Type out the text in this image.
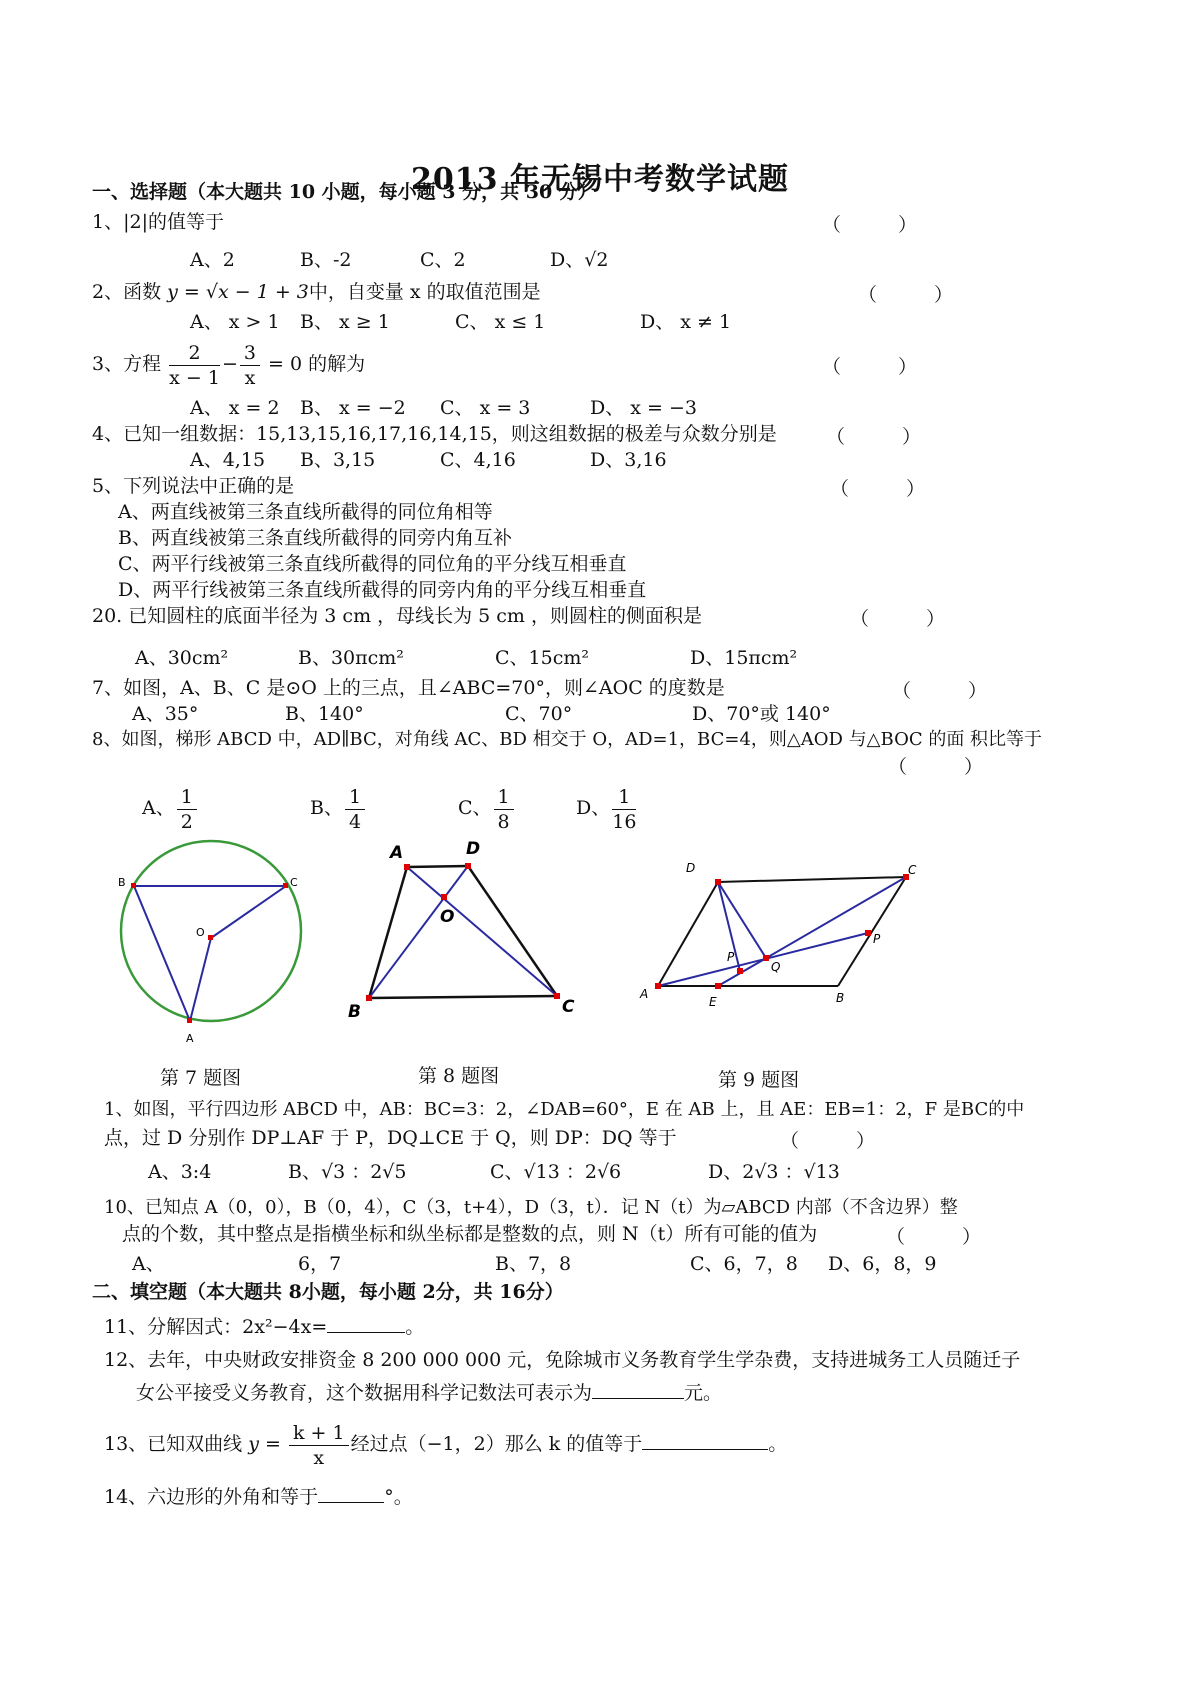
2013 年无锡中考数学试题
一、选择题（本大题共 10 小题，每小题 3 分，共 30 分）
1、|2|的值等于	（　　　）
A、2	B、-2	C、2	D、√2
2、函数 y = √x − 1 + 3中，自变量 x 的取值范围是	（　　　）
A、 x > 1 B、 x ≥ 1	C、 x ≤ 1	D、 x ≠ 1
3、方程 $\frac{2}{x - 1} - \frac{3}{x} = 0$ 的解为	（　　　）
A、 x = 2 B、 x = −2 C、 x = 3	D、 x = −3
4、已知一组数据：15,13,15,16,17,16,14,15，则这组数据的极差与众数分别是	（　　　）
A、4,15 B、3,15	C、4,16	D、3,16
5、下列说法中正确的是	（　　　）
A、两直线被第三条直线所截得的同位角相等
B、两直线被第三条直线所截得的同旁内角互补
C、两平行线被第三条直线所截得的同位角的平分线互相垂直
D、两平行线被第三条直线所截得的同旁内角的平分线互相垂直
20. 已知圆柱的底面半径为 3 cm ，母线长为 5 cm ，则圆柱的侧面积是	（　　　）
A、30cm²	B、30πcm²	C、15cm²	D、15πcm²
7、如图，A、B、C 是⊙O 上的三点，且∠ABC=70°，则∠AOC 的度数是	（　　　）
A、35°	B、140°	C、70°	D、70°或 140°
8、如图，梯形 ABCD 中，AD∥BC，对角线 AC、BD 相交于 O，AD=1，BC=4，则△AOD 与△BOC 的面 积比等于
（　　　）
A、 $\frac{1}{2}$	B、 $\frac{1}{4}$	C、 $\frac{1}{8}$	D、 $\frac{1}{16}$
B	C
O
A
A	D
O
B	C
D	C
P
P
Q
A
E	B
第 7 题图	第 8 题图	第 9 题图
1、如图，平行四边形 ABCD 中，AB：BC=3：2，∠DAB=60°，E 在 AB 上，且 AE：EB=1：2，F 是BC的中
点，过 D 分别作 DP⊥AF 于 P，DQ⊥CE 于 Q，则 DP：DQ 等于	（　　　）
A、3:4	B、√3 ：2√5	C、√13 ：2√6	D、2√3 ：√13
10、已知点 A（0，0），B（0，4），C（3，t+4），D（3，t）．记 N（t）为▱ABCD 内部（不含边界）整
点的个数，其中整点是指横坐标和纵坐标都是整数的点，则 N（t）所有可能的值为	（　　　）
A、	6，7	B、7，8	C、6，7，8 D、6，8，9
二、填空题（本大题共 8小题，每小题 2分，共 16分）
11、分解因式：2x²−4x=	。
12、去年，中央财政安排资金 8 200 000 000 元，免除城市义务教育学生学杂费，支持进城务工人员随迁子
女公平接受义务教育，这个数据用科学记数法可表示为	元。
13、已知双曲线 $y = \frac{k + 1}{x}$ 经过点（−1，2）那么 k 的值等于	。
14、六边形的外角和等于	°。
